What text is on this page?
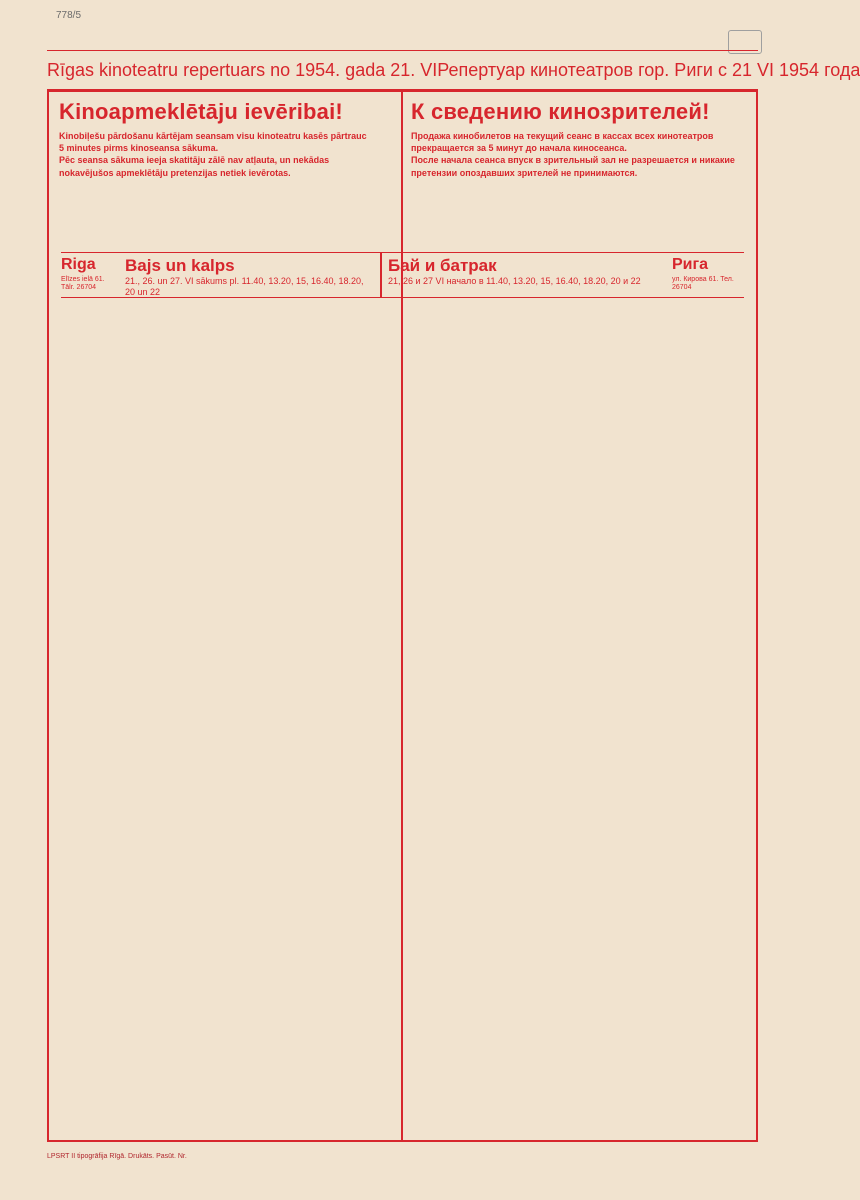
778/5
Rīgas kinoteatru repertuars no 1954. gada 21. VI Репертуар кинотеатров гор. Риги с 21 VI 1954 года
Kinoapmeklētāju ievēribai!
Kinobiļešu pārdošanu kārtējam seansam visu kinoteatru kasēs pārtrauc
5 minutes pirms kinoseansa sākuma.
Pēc seansa sākuma ieeja skatitāju zālē nav atļauta, un nekādas
nokavējušos apmeklētāju pretenzijas netiek ievērotas.
К сведению кинозрителей!
Продажа кинобилетов на текущий сеанс в кассах всех кинотеатров
прекращается за 5 минут до начала киносеанса.
После начала сеанса впуск в зрительный зал не разрешается и никакие
претензии опоздавших зрителей не принимаются.
Riga
Elīzes ielā 61. Tālr. 26704
Bajs un kalps
21., 26. un 27. VI sākums pl. 11.40, 13.20, 15, 16.40, 18.20, 20 un 22
Бай и батрак
21, 26 и 27 VI начало в 11.40, 13.20, 15, 16.40, 18.20, 20 и 22
Рига
ул. Кирова 61. Тел. 26704
LPSRT II tipogrāfija Rīgā. Drukāts. Pasūt. Nr.
